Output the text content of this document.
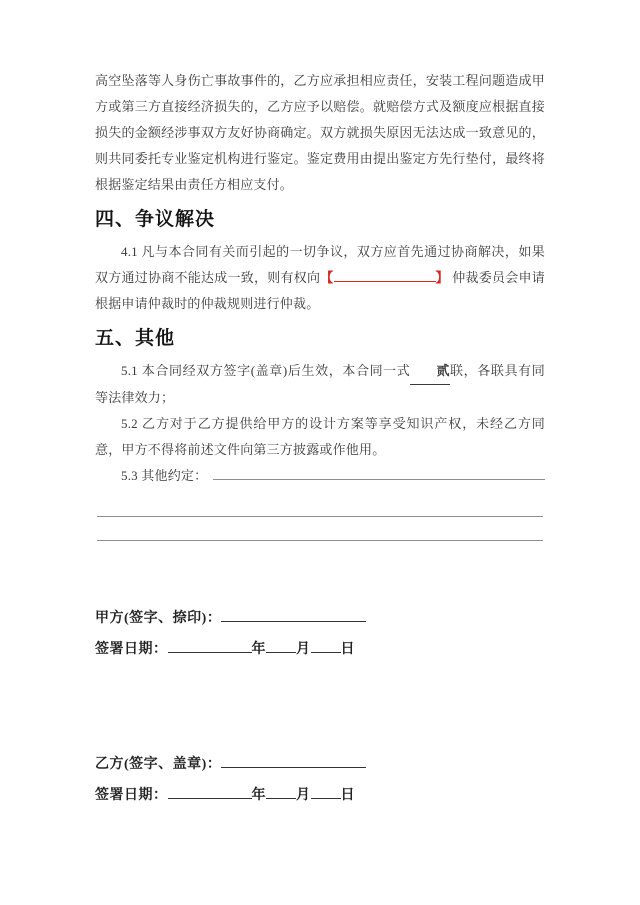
高空坠落等人身伤亡事故事件的，乙方应承担相应责任，安装工程问题造成甲方或第三方直接经济损失的，乙方应予以赔偿。就赔偿方式及额度应根据直接损失的金额经涉事双方友好协商确定。双方就损失原因无法达成一致意见的，则共同委托专业鉴定机构进行鉴定。鉴定费用由提出鉴定方先行垫付，最终将根据鉴定结果由责任方相应支付。

四、争议解决

4.1 凡与本合同有关而引起的一切争议，双方应首先通过协商解决，如果双方通过协商不能达成一致，则有权向【	】 仲裁委员会申请根据申请仲裁时的仲裁规则进行仲裁。

五、其他

5.1 本合同经双方签字(盖章)后生效，本合同一式 贰联，各联具有同等法律效力；

5.2 乙方对于乙方提供给甲方的设计方案等享受知识产权，未经乙方同意，甲方不得将前述文件向第三方披露或作他用。

5.3 其他约定：
甲方(签字、捺印)：
签署日期：	年 月 日
乙方(签字、盖章)：
签署日期：	年 月 日
